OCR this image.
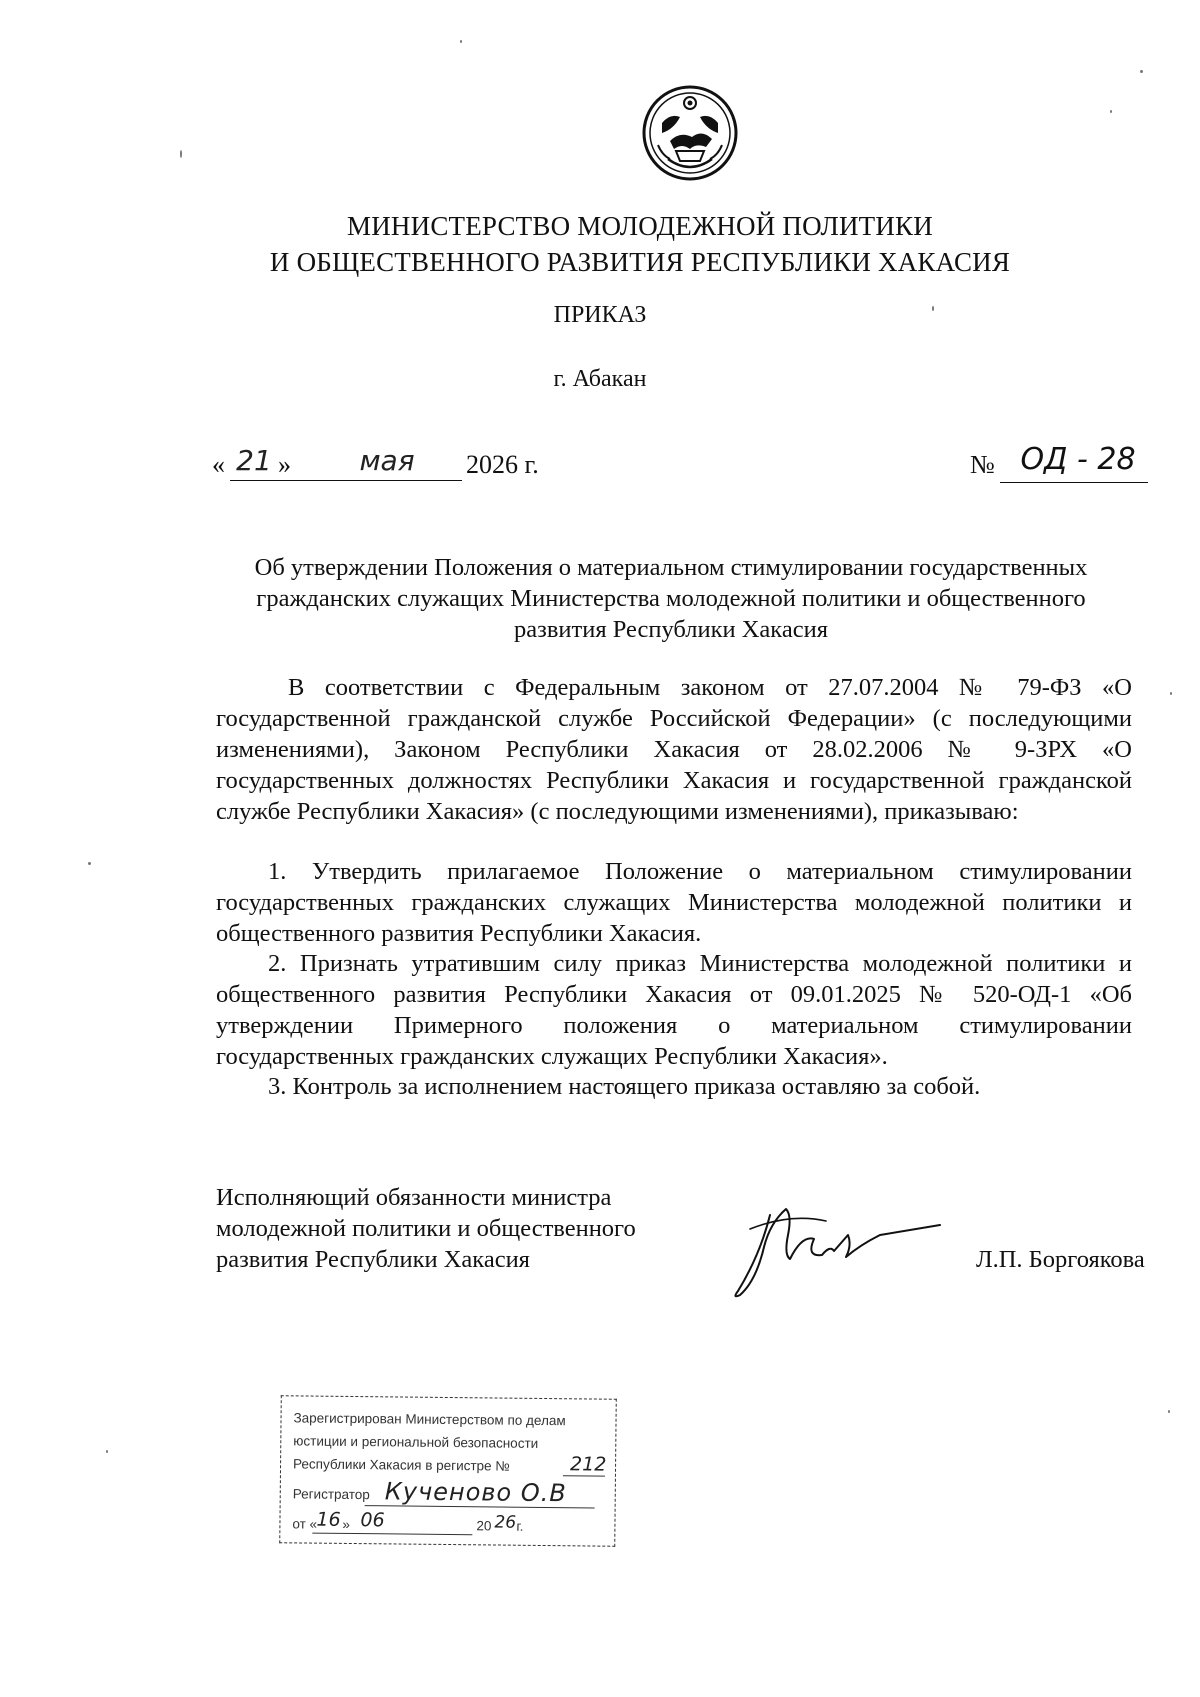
МИНИСТЕРСТВО МОЛОДЕЖНОЙ ПОЛИТИКИ
И ОБЩЕСТВЕННОГО РАЗВИТИЯ РЕСПУБЛИКИ ХАКАСИЯ
ПРИКАЗ
г. Абакан
« 21 »	мая	2026 г.	№ ОД - 28
Об утверждении Положения о материальном стимулировании государственных гражданских служащих Министерства молодежной политики и общественного развития Республики Хакасия
В соответствии с Федеральным законом от 27.07.2004 № 79-ФЗ «О государственной гражданской службе Российской Федерации» (с последующими изменениями), Законом Республики Хакасия от 28.02.2006 № 9-ЗРХ «О государственных должностях Республики Хакасия и государственной гражданской службе Республики Хакасия» (с последующими изменениями), приказываю:
1. Утвердить прилагаемое Положение о материальном стимулировании государственных гражданских служащих Министерства молодежной политики и общественного развития Республики Хакасия.
2. Признать утратившим силу приказ Министерства молодежной политики и общественного развития Республики Хакасия от 09.01.2025 № 520-ОД-1 «Об утверждении Примерного положения о материальном стимулировании государственных гражданских служащих Республики Хакасия».
3. Контроль за исполнением настоящего приказа оставляю за собой.
Исполняющий обязанности министра
молодежной политики и общественного
развития Республики Хакасия	Л.П. Боргоякова
Зарегистрирован Министерством по делам
юстиции и региональной безопасности
Республики Хакасия в регистре №	212
Регистратор Кученово О.В
от « 16 » 06	20 26 г.
